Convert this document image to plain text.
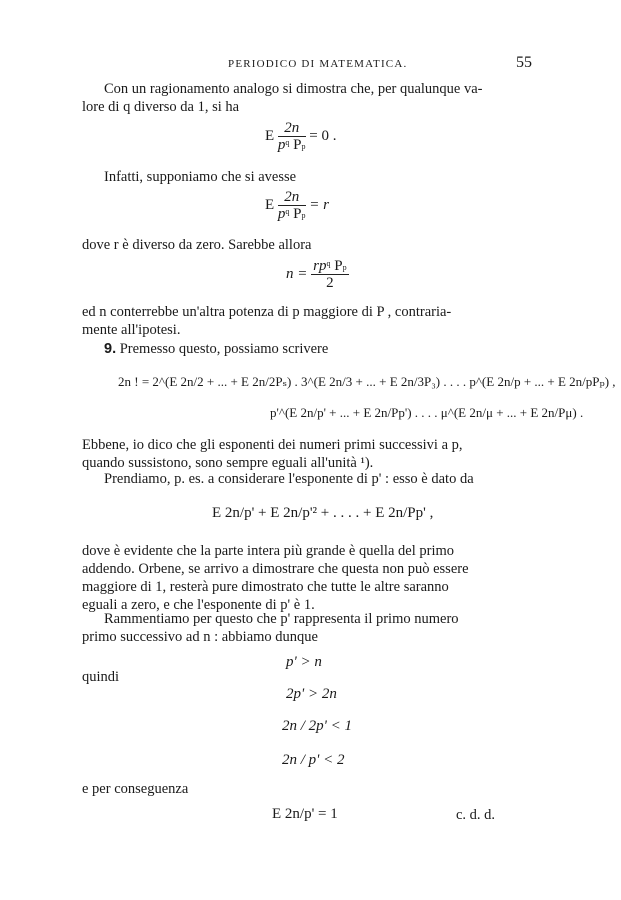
PERIODICO DI MATEMATICA.	55
Con un ragionamento analogo si dimostra che, per qualunque va-
lore di q diverso da 1, si ha
E $\frac{2n}{p^q P_p} = 0$ .
Infatti, supponiamo che si avesse
E $\frac{2n}{p^q P_p} = r$
dove r è diverso da zero. Sarebbe allora
$n = \frac{rp^q P_p}{2}$
ed n conterrebbe un'altra potenza di p maggiore di P , contraria-
mente all'ipotesi.
9. Premesso questo, possiamo scrivere
2n ! = 2^(E 2n/2 + ... + E 2n/2Pₛ) . 3^(E 2n/3 + ... + E 2n/3P₃) . . . . p^(E 2n/p + ... + E 2n/pPₚ) ,
p'^(E 2n/p' + ... + E 2n/Pp') . . . . μ^(E 2n/μ + ... + E 2n/Pμ) .
Ebbene, io dico che gli esponenti dei numeri primi successivi a p,
quando sussistono, sono sempre eguali all'unità ¹).
Prendiamo, p. es. a considerare l'esponente di p' : esso è dato da
E 2n/p' + E 2n/p'² + . . . . + E 2n/Pp' ,
dove è evidente che la parte intera più grande è quella del primo
addendo. Orbene, se arrivo a dimostrare che questa non può essere
maggiore di 1, resterà pure dimostrato che tutte le altre saranno
eguali a zero, e che l'esponente di p' è 1.
Rammentiamo per questo che p' rappresenta il primo numero
primo successivo ad n : abbiamo dunque
p' > n
quindi
2p' > 2n
2n / 2p' < 1
2n / p' < 2
e per conseguenza
E 2n/p' = 1	c. d. d.
